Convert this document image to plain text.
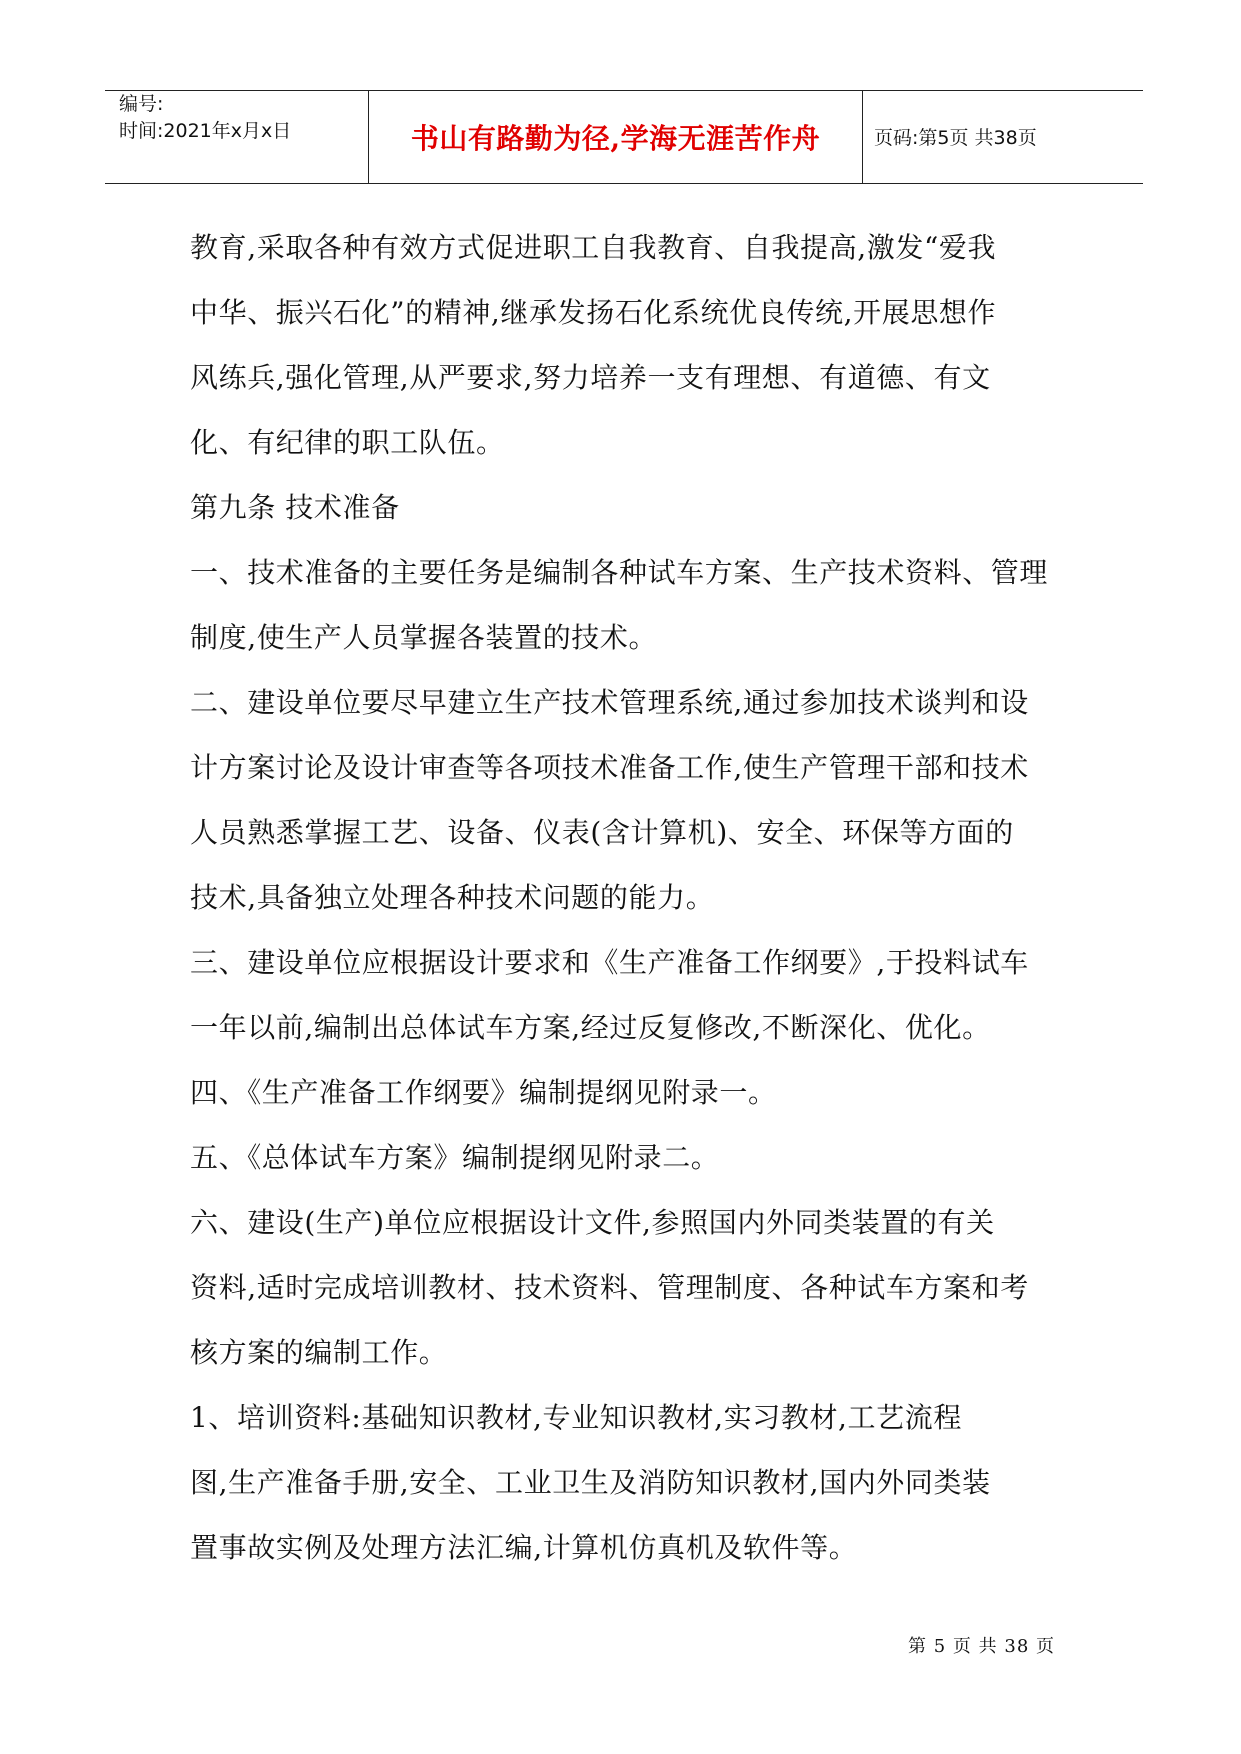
编号:
时间:2021年x月x日	书山有路勤为径,学海无涯苦作舟	页码:第5页 共38页

教育,采取各种有效方式促进职工自我教育、自我提高,激发“爱我
中华、振兴石化”的精神,继承发扬石化系统优良传统,开展思想作
风练兵,强化管理,从严要求,努力培养一支有理想、有道德、有文
化、有纪律的职工队伍。

第九条 技术准备

一、技术准备的主要任务是编制各种试车方案、生产技术资料、管理
制度,使生产人员掌握各装置的技术。

二、建设单位要尽早建立生产技术管理系统,通过参加技术谈判和设
计方案讨论及设计审查等各项技术准备工作,使生产管理干部和技术
人员熟悉掌握工艺、设备、仪表(含计算机)、安全、环保等方面的
技术,具备独立处理各种技术问题的能力。

三、建设单位应根据设计要求和《生产准备工作纲要》,于投料试车
一年以前,编制出总体试车方案,经过反复修改,不断深化、优化。

四、《生产准备工作纲要》编制提纲见附录一。

五、《总体试车方案》编制提纲见附录二。

六、建设(生产)单位应根据设计文件,参照国内外同类装置的有关
资料,适时完成培训教材、技术资料、管理制度、各种试车方案和考
核方案的编制工作。

1、培训资料:基础知识教材,专业知识教材,实习教材,工艺流程
图,生产准备手册,安全、工业卫生及消防知识教材,国内外同类装
置事故实例及处理方法汇编,计算机仿真机及软件等。

第 5 页 共 38 页
